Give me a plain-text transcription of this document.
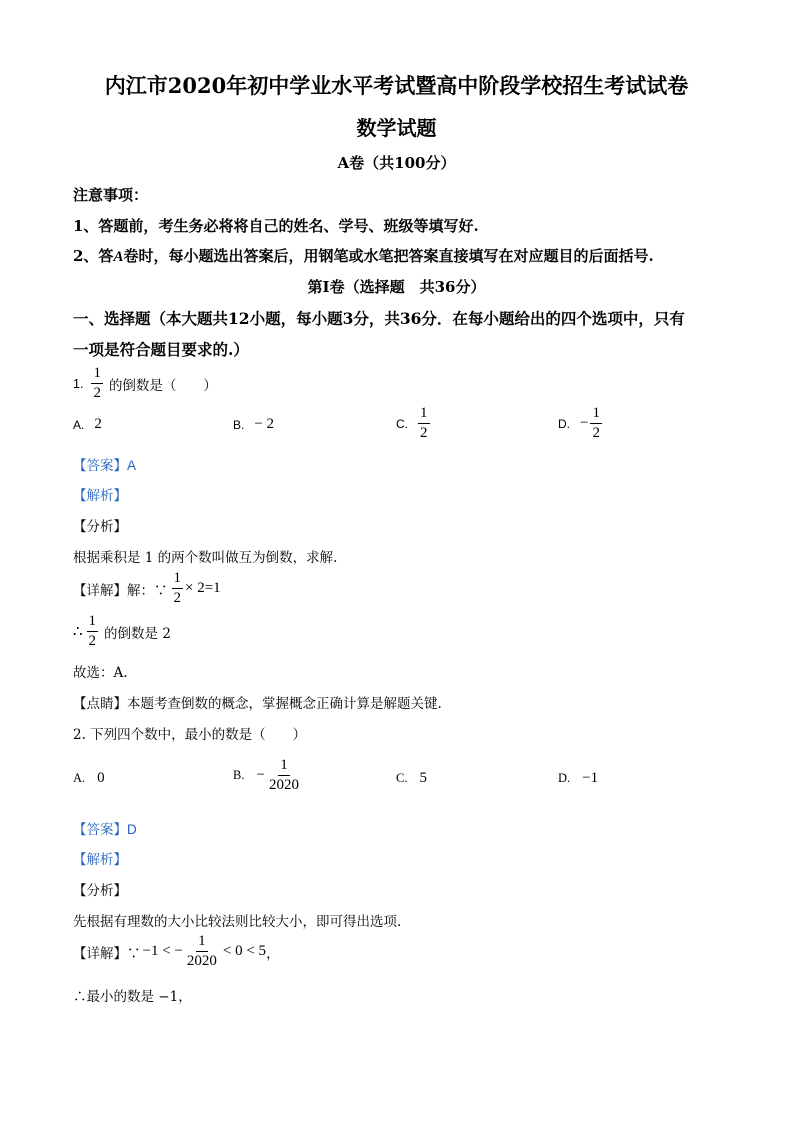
内江市2020年初中学业水平考试暨高中阶段学校招生考试试卷
数学试题
A卷（共100分）
注意事项：
1、答题前，考生务必将将自己的姓名、学号、班级等填写好.
2、答A卷时，每小题选出答案后，用钢笔或水笔把答案直接填写在对应题目的后面括号.
第Ⅰ卷（选择题　共36分）
一、选择题（本大题共12小题，每小题3分，共36分．在每小题给出的四个选项中，只有
一项是符合题目要求的.）
1. $\frac{1}{2}$ 的倒数是（　　）
A. 2	B. − 2	C. $\frac{1}{2}$	D. − $\frac{1}{2}$
【答案】A
【解析】
【分析】
根据乘积是 1 的两个数叫做互为倒数，求解.
【详解】解：∵ $\frac{1}{2} \times 2=1$
∴ $\frac{1}{2}$ 的倒数是 2
故选：A.
【点睛】本题考查倒数的概念，掌握概念正确计算是解题关键.
2. 下列四个数中，最小的数是（　　）
A. 0	B. − $\frac{1}{2020}$	C. 5	D. −1
【答案】D
【解析】
【分析】
先根据有理数的大小比较法则比较大小，即可得出选项.
【详解】∵ −1 < − $\frac{1}{2020} < 0 < 5$ ，
∴最小的数是 −1，
